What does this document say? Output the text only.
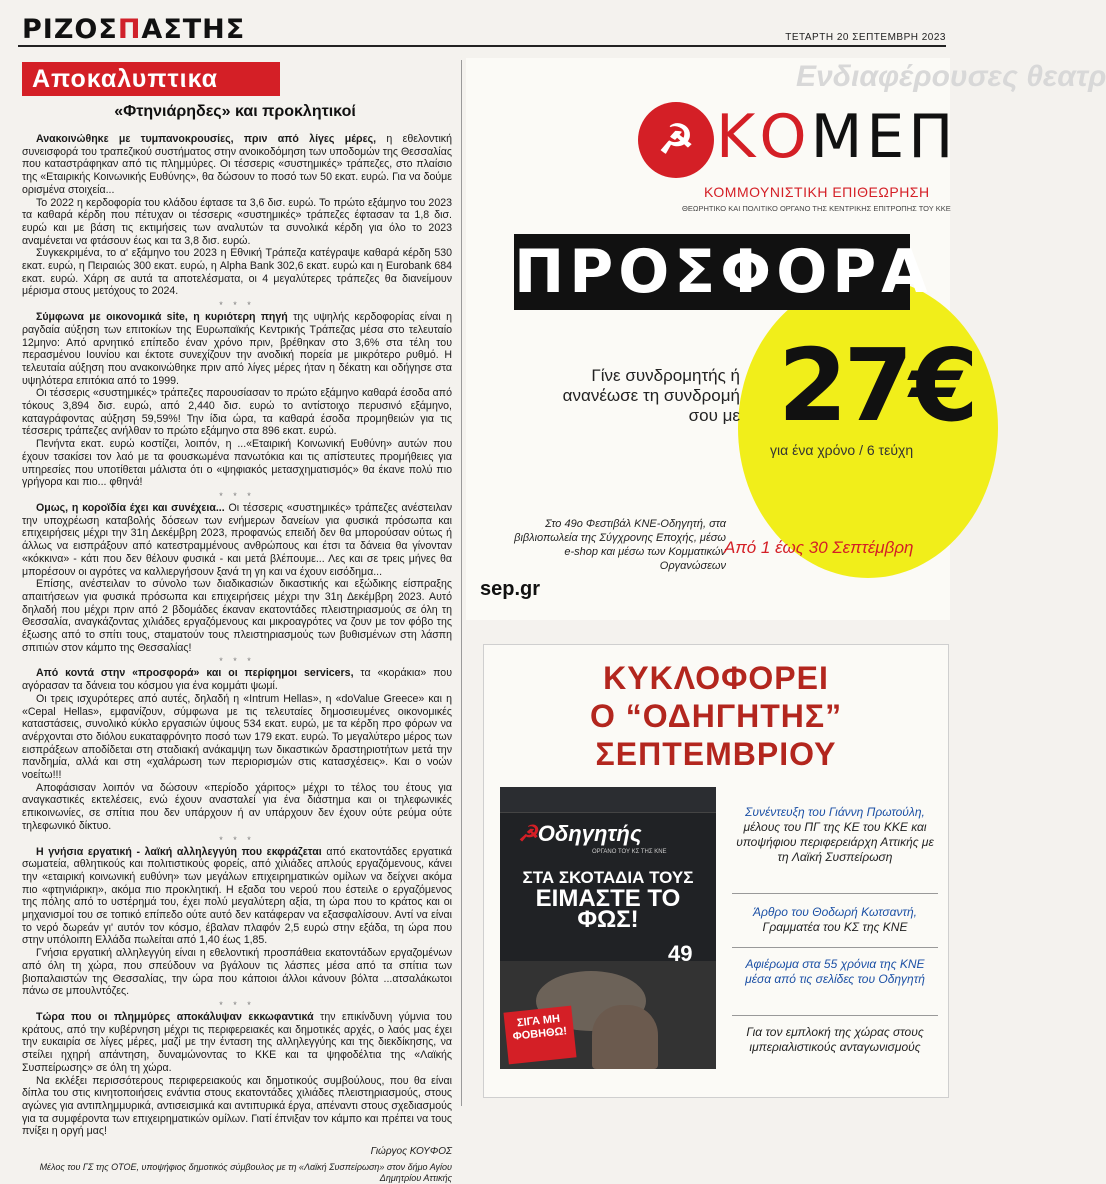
ΡΙΖΟΣΠΑΣΤΗΣ	ΤΕΤΑΡΤΗ 20 ΣΕΠΤΕΜΒΡΗ 2023
Αποκαλυπτικα
«Φτηνιάρηδες» και προκλητικοί

Ανακοινώθηκε με τυμπανοκρουσίες, πριν από λίγες μέρες, η εθελοντική συνεισφορά του τραπεζικού συστήματος στην ανοικοδόμηση των υποδομών της Θεσσαλίας που καταστράφηκαν από τις πλημμύρες. Οι τέσσερις «συστημικές» τράπεζες, στο πλαίσιο της «Εταιρικής Κοινωνικής Ευθύνης», θα δώσουν το ποσό των 50 εκατ. ευρώ. Για να δούμε ορισμένα στοιχεία...

Το 2022 η κερδοφορία του κλάδου έφτασε τα 3,6 δισ. ευρώ. Το πρώτο εξάμηνο του 2023 τα καθαρά κέρδη που πέτυχαν οι τέσσερις «συστημικές» τράπεζες έφτασαν τα 1,8 δισ. ευρώ και με βάση τις εκτιμήσεις των αναλυτών τα συνολικά κέρδη για όλο το 2023 αναμένεται να φτάσουν έως και τα 3,8 δισ. ευρώ.

Συγκεκριμένα, το α' εξάμηνο του 2023 η Εθνική Τράπεζα κατέγραψε καθαρά κέρδη 530 εκατ. ευρώ, η Πειραιώς 300 εκατ. ευρώ, η Alpha Bank 302,6 εκατ. ευρώ και η Eurobank 684 εκατ. ευρώ. Χάρη σε αυτά τα αποτελέσματα, οι 4 μεγαλύτερες τράπεζες θα διανείμουν μέρισμα στους μετόχους το 2024.

* * *

Σύμφωνα με οικονομικά site, η κυριότερη πηγή της υψηλής κερδοφορίας είναι η ραγδαία αύξηση των επιτοκίων της Ευρωπαϊκής Κεντρικής Τράπεζας μέσα στο τελευταίο 12μηνο: Από αρνητικό επίπεδο έναν χρόνο πριν, βρέθηκαν στο 3,6% στα τέλη του περασμένου Ιουνίου και έκτοτε συνεχίζουν την ανοδική πορεία με μικρότερο ρυθμό. Η τελευταία αύξηση που ανακοινώθηκε πριν από λίγες μέρες ήταν η δέκατη και οδήγησε στα υψηλότερα επιτόκια από το 1999.

Οι τέσσερις «συστημικές» τράπεζες παρουσίασαν το πρώτο εξάμηνο καθαρά έσοδα από τόκους 3,894 δισ. ευρώ, από 2,440 δισ. ευρώ το αντίστοιχο περυσινό εξάμηνο, καταγράφοντας αύξηση 59,59%! Την ίδια ώρα, τα καθαρά έσοδα προμηθειών για τις τέσσερις τράπεζες ανήλθαν το πρώτο εξάμηνο στα 896 εκατ. ευρώ.

Πενήντα εκατ. ευρώ κοστίζει, λοιπόν, η ...«Εταιρική Κοινωνική Ευθύνη» αυτών που έχουν τσακίσει τον λαό με τα φουσκωμένα πανωτόκια και τις απίστευτες προμήθειες για υπηρεσίες που υποτίθεται μάλιστα ότι ο «ψηφιακός μετασχηματισμός» θα έκανε πολύ πιο γρήγορα και πιο... φθηνά!

* * *

Ομως, η κοροϊδία έχει και συνέχεια... Οι τέσσερις «συστημικές» τράπεζες ανέστειλαν την υποχρέωση καταβολής δόσεων των ενήμερων δανείων για φυσικά πρόσωπα και επιχειρήσεις μέχρι την 31η Δεκέμβρη 2023, προφανώς επειδή δεν θα μπορούσαν ούτως ή άλλως να εισπράξουν από κατεστραμμένους ανθρώπους και έτσι τα δάνεια θα γίνονταν «κόκκινα» - κάτι που δεν θέλουν φυσικά - και μετά βλέπουμε... Λες και σε τρεις μήνες θα μπορέσουν οι αγρότες να καλλιεργήσουν ξανά τη γη και να έχουν εισόδημα...

Επίσης, ανέστειλαν το σύνολο των διαδικασιών δικαστικής και εξώδικης είσπραξης απαιτήσεων για φυσικά πρόσωπα και επιχειρήσεις μέχρι την 31η Δεκέμβρη 2023. Αυτό δηλαδή που μέχρι πριν από 2 βδομάδες έκαναν εκατοντάδες πλειστηριασμούς σε όλη τη Θεσσαλία, αναγκάζοντας χιλιάδες εργαζόμενους και μικροαγρότες να ζουν με τον φόβο της έξωσης από το σπίτι τους, σταματούν τους πλειστηριασμούς των βυθισμένων στη λάσπη σπιτιών στον κάμπο της Θεσσαλίας!

* * *

Από κοντά στην «προσφορά» και οι περίφημοι servicers, τα «κοράκια» που αγόρασαν τα δάνεια του κόσμου για ένα κομμάτι ψωμί.

Οι τρεις ισχυρότερες από αυτές, δηλαδή η «Intrum Hellas», η «doValue Greece» και η «Cepal Hellas», εμφανίζουν, σύμφωνα με τις τελευταίες δημοσιευμένες οικονομικές καταστάσεις, συνολικό κύκλο εργασιών ύψους 534 εκατ. ευρώ, με τα κέρδη προ φόρων να ανέρχονται στο διόλου ευκαταφρόνητο ποσό των 179 εκατ. ευρώ. Το μεγαλύτερο μέρος των εισπράξεων αποδίδεται στη σταδιακή ανάκαμψη των δικαστικών δραστηριοτήτων μετά την πανδημία, αλλά και στη «χαλάρωση των περιορισμών στις κατασχέσεις». Και ο νοών νοείτω!!!

Αποφάσισαν λοιπόν να δώσουν «περίοδο χάριτος» μέχρι το τέλος του έτους για αναγκαστικές εκτελέσεις, ενώ έχουν ανασταλεί για ένα διάστημα και οι τηλεφωνικές επικοινωνίες, σε σπίτια που δεν υπάρχουν ή αν υπάρχουν δεν έχουν ούτε ρεύμα ούτε τηλεφωνικό δίκτυο.

* * *

Η γνήσια εργατική - λαϊκή αλληλεγγύη που εκφράζεται από εκατοντάδες εργατικά σωματεία, αθλητικούς και πολιτιστικούς φορείς, από χιλιάδες απλούς εργαζόμενους, κάνει την «εταιρική κοινωνική ευθύνη» των μεγάλων επιχειρηματικών ομίλων να δείχνει ακόμα πιο «φτηνιάρικη», ακόμα πιο προκλητική. Η εξαδα του νερού που έστειλε ο εργαζόμενος της πόλης από το υστέρημά του, έχει πολύ μεγαλύτερη αξία, τη ώρα που το κράτος και οι μηχανισμοί του σε τοπικό επίπεδο ούτε αυτό δεν κατάφεραν να εξασφαλίσουν. Αντί να είναι το νερό δωρεάν γι' αυτόν τον κόσμο, έβαλαν πλαφόν 2,5 ευρώ στην εξάδα, τη ώρα που στην υπόλοιπη Ελλάδα πωλείται από 1,40 έως 1,85.

Γνήσια εργατική αλληλεγγύη είναι η εθελοντική προσπάθεια εκατοντάδων εργαζομένων από όλη τη χώρα, που σπεύδουν να βγάλουν τις λάσπες μέσα από τα σπίτια των βιοπαλαιστών της Θεσσαλίας, την ώρα που κάποιοι άλλοι κάνουν βόλτα ...ατσαλάκωτοι πάνω σε μπουλντόζες.

* * *

Τώρα που οι πλημμύρες αποκάλυψαν εκκωφαντικά την επικίνδυνη γύμνια του κράτους, από την κυβέρνηση μέχρι τις περιφερειακές και δημοτικές αρχές, ο λαός μας έχει την ευκαιρία σε λίγες μέρες, μαζί με την ένταση της αλληλεγγύης και της διεκδίκησης, να στείλει ηχηρή απάντηση, δυναμώνοντας το ΚΚΕ και τα ψηφοδέλτια της «Λαϊκής Συσπείρωσης» σε όλη τη χώρα.

Να εκλέξει περισσότερους περιφερειακούς και δημοτικούς συμβούλους, που θα είναι δίπλα του στις κινητοποιήσεις ενάντια στους εκατοντάδες χιλιάδες πλειστηριασμούς, στους αγώνες για αντιπλημμυρικά, αντισεισμικά και αντιπυρικά έργα, απέναντι στους σχεδιασμούς για τα συμφέροντα των επιχειρηματικών ομίλων. Γιατί έπνιξαν τον κάμπο και πρέπει να τους πνίξει η οργή μας!

Γιώργος ΚΟΥΦΟΣ
Μέλος του ΓΣ της ΟΤΟΕ, υποψήφιος δημοτικός σύμβουλος με τη «Λαϊκή Συσπείρωση» στον δήμο Αγίου Δημητρίου Αττικής
Ενδιαφέρουσες θεατρ
☭ ΚΟΜΕΠ
ΚΟΜΜΟΥΝΙΣΤΙΚΗ ΕΠΙΘΕΩΡΗΣΗ
ΘΕΩΡΗΤΙΚΟ ΚΑΙ ΠΟΛΙΤΙΚΟ ΟΡΓΑΝΟ ΤΗΣ ΚΕΝΤΡΙΚΗΣ ΕΠΙΤΡΟΠΗΣ ΤΟΥ ΚΚΕ
ΠΡΟΣΦΟΡΑ
Γίνε συνδρομητής ή ανανέωσε τη συνδρομή σου με 27€
για ένα χρόνο / 6 τεύχη
Στο 49ο Φεστιβάλ ΚΝΕ-Οδηγητή, στα βιβλιοπωλεία της Σύγχρονης Εποχής, μέσω e-shop και μέσω των Κομματικών Οργανώσεων
Από 1 έως 30 Σεπτέμβρη
sep.gr
ΚΥΚΛΟΦΟΡΕΙ
Ο “ΟΔΗΓΗΤΗΣ”
ΣΕΠΤΕΜΒΡΙΟΥ
☭Οδηγητής
ΟΡΓΑΝΟ ΤΟΥ ΚΣ ΤΗΣ ΚΝΕ
ΣΤΑ ΣΚΟΤΑΔΙΑ ΤΟΥΣ
ΕΙΜΑΣΤΕ ΤΟ ΦΩΣ!
49
ΣΙΓΑ ΜΗ ΦΟΒΗΘΩ!
Συνέντευξη του Γιάννη Πρωτούλη,
μέλους του ΠΓ της ΚΕ του ΚΚΕ και υποψήφιου περιφερειάρχη Αττικής με τη Λαϊκή Συσπείρωση
Άρθρο του Θοδωρή Κωτσαντή,
Γραμματέα του ΚΣ της ΚΝΕ
Αφιέρωμα στα 55 χρόνια της ΚΝΕ μέσα από τις σελίδες του Οδηγητή
Για τον εμπλοκή της χώρας στους ιμπεριαλιστικούς ανταγωνισμούς
